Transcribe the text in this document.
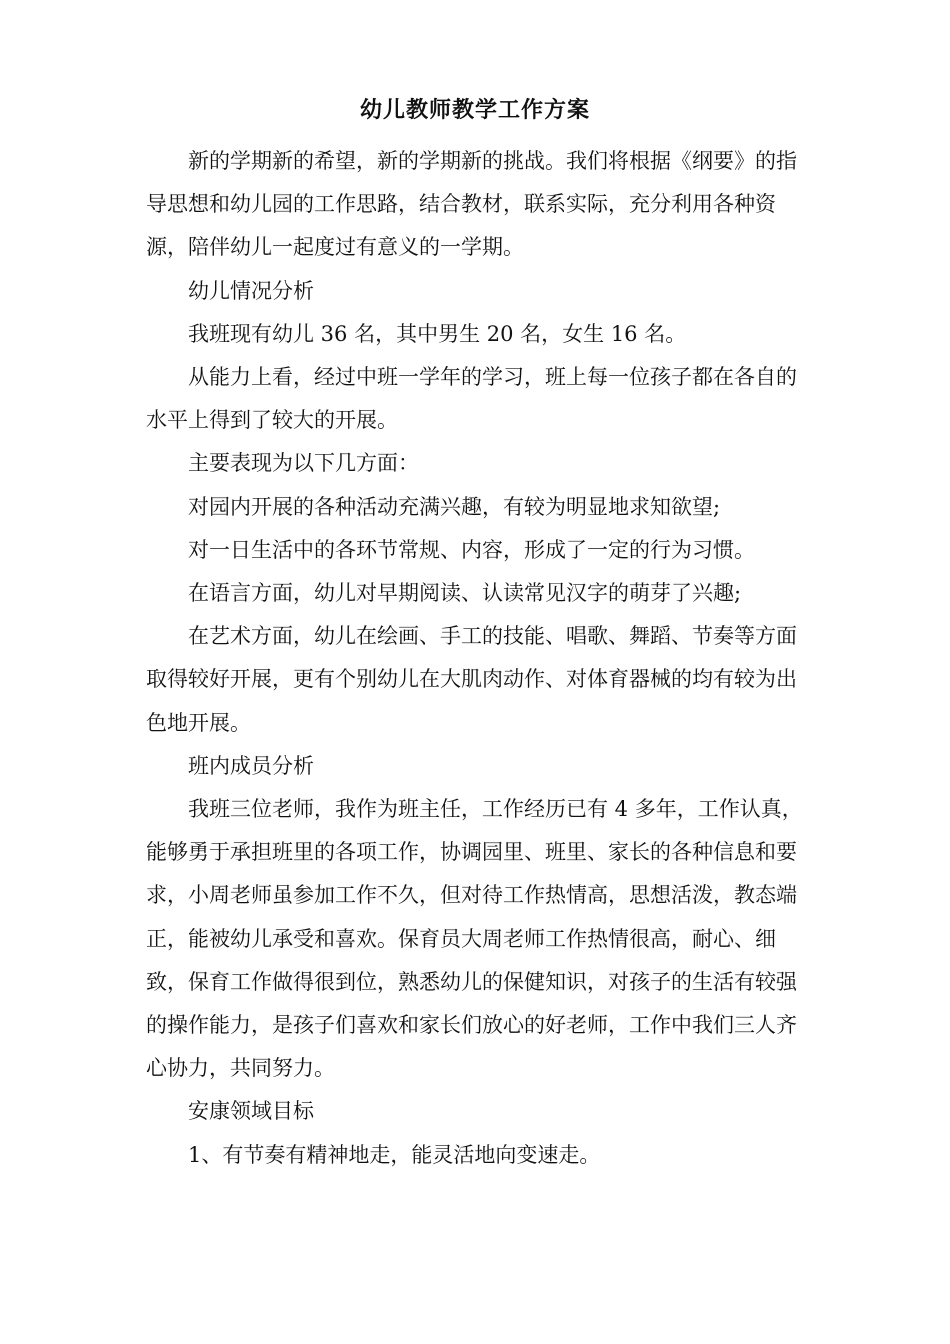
幼儿教师教学工作方案

新的学期新的希望，新的学期新的挑战。我们将根据《纲要》的指导思想和幼儿园的工作思路，结合教材，联系实际，充分利用各种资源，陪伴幼儿一起度过有意义的一学期。

幼儿情况分析

我班现有幼儿 36 名，其中男生 20 名，女生 16 名。

从能力上看，经过中班一学年的学习，班上每一位孩子都在各自的水平上得到了较大的开展。

主要表现为以下几方面：

对园内开展的各种活动充满兴趣，有较为明显地求知欲望;

对一日生活中的各环节常规、内容，形成了一定的行为习惯。

在语言方面，幼儿对早期阅读、认读常见汉字的萌芽了兴趣;

在艺术方面，幼儿在绘画、手工的技能、唱歌、舞蹈、节奏等方面取得较好开展，更有个别幼儿在大肌肉动作、对体育器械的均有较为出色地开展。

班内成员分析

我班三位老师，我作为班主任，工作经历已有 4 多年，工作认真，能够勇于承担班里的各项工作，协调园里、班里、家长的各种信息和要求，小周老师虽参加工作不久，但对待工作热情高，思想活泼，教态端正，能被幼儿承受和喜欢。保育员大周老师工作热情很高，耐心、细致，保育工作做得很到位，熟悉幼儿的保健知识，对孩子的生活有较强的操作能力，是孩子们喜欢和家长们放心的好老师，工作中我们三人齐心协力，共同努力。

安康领域目标

1、有节奏有精神地走，能灵活地向变速走。
